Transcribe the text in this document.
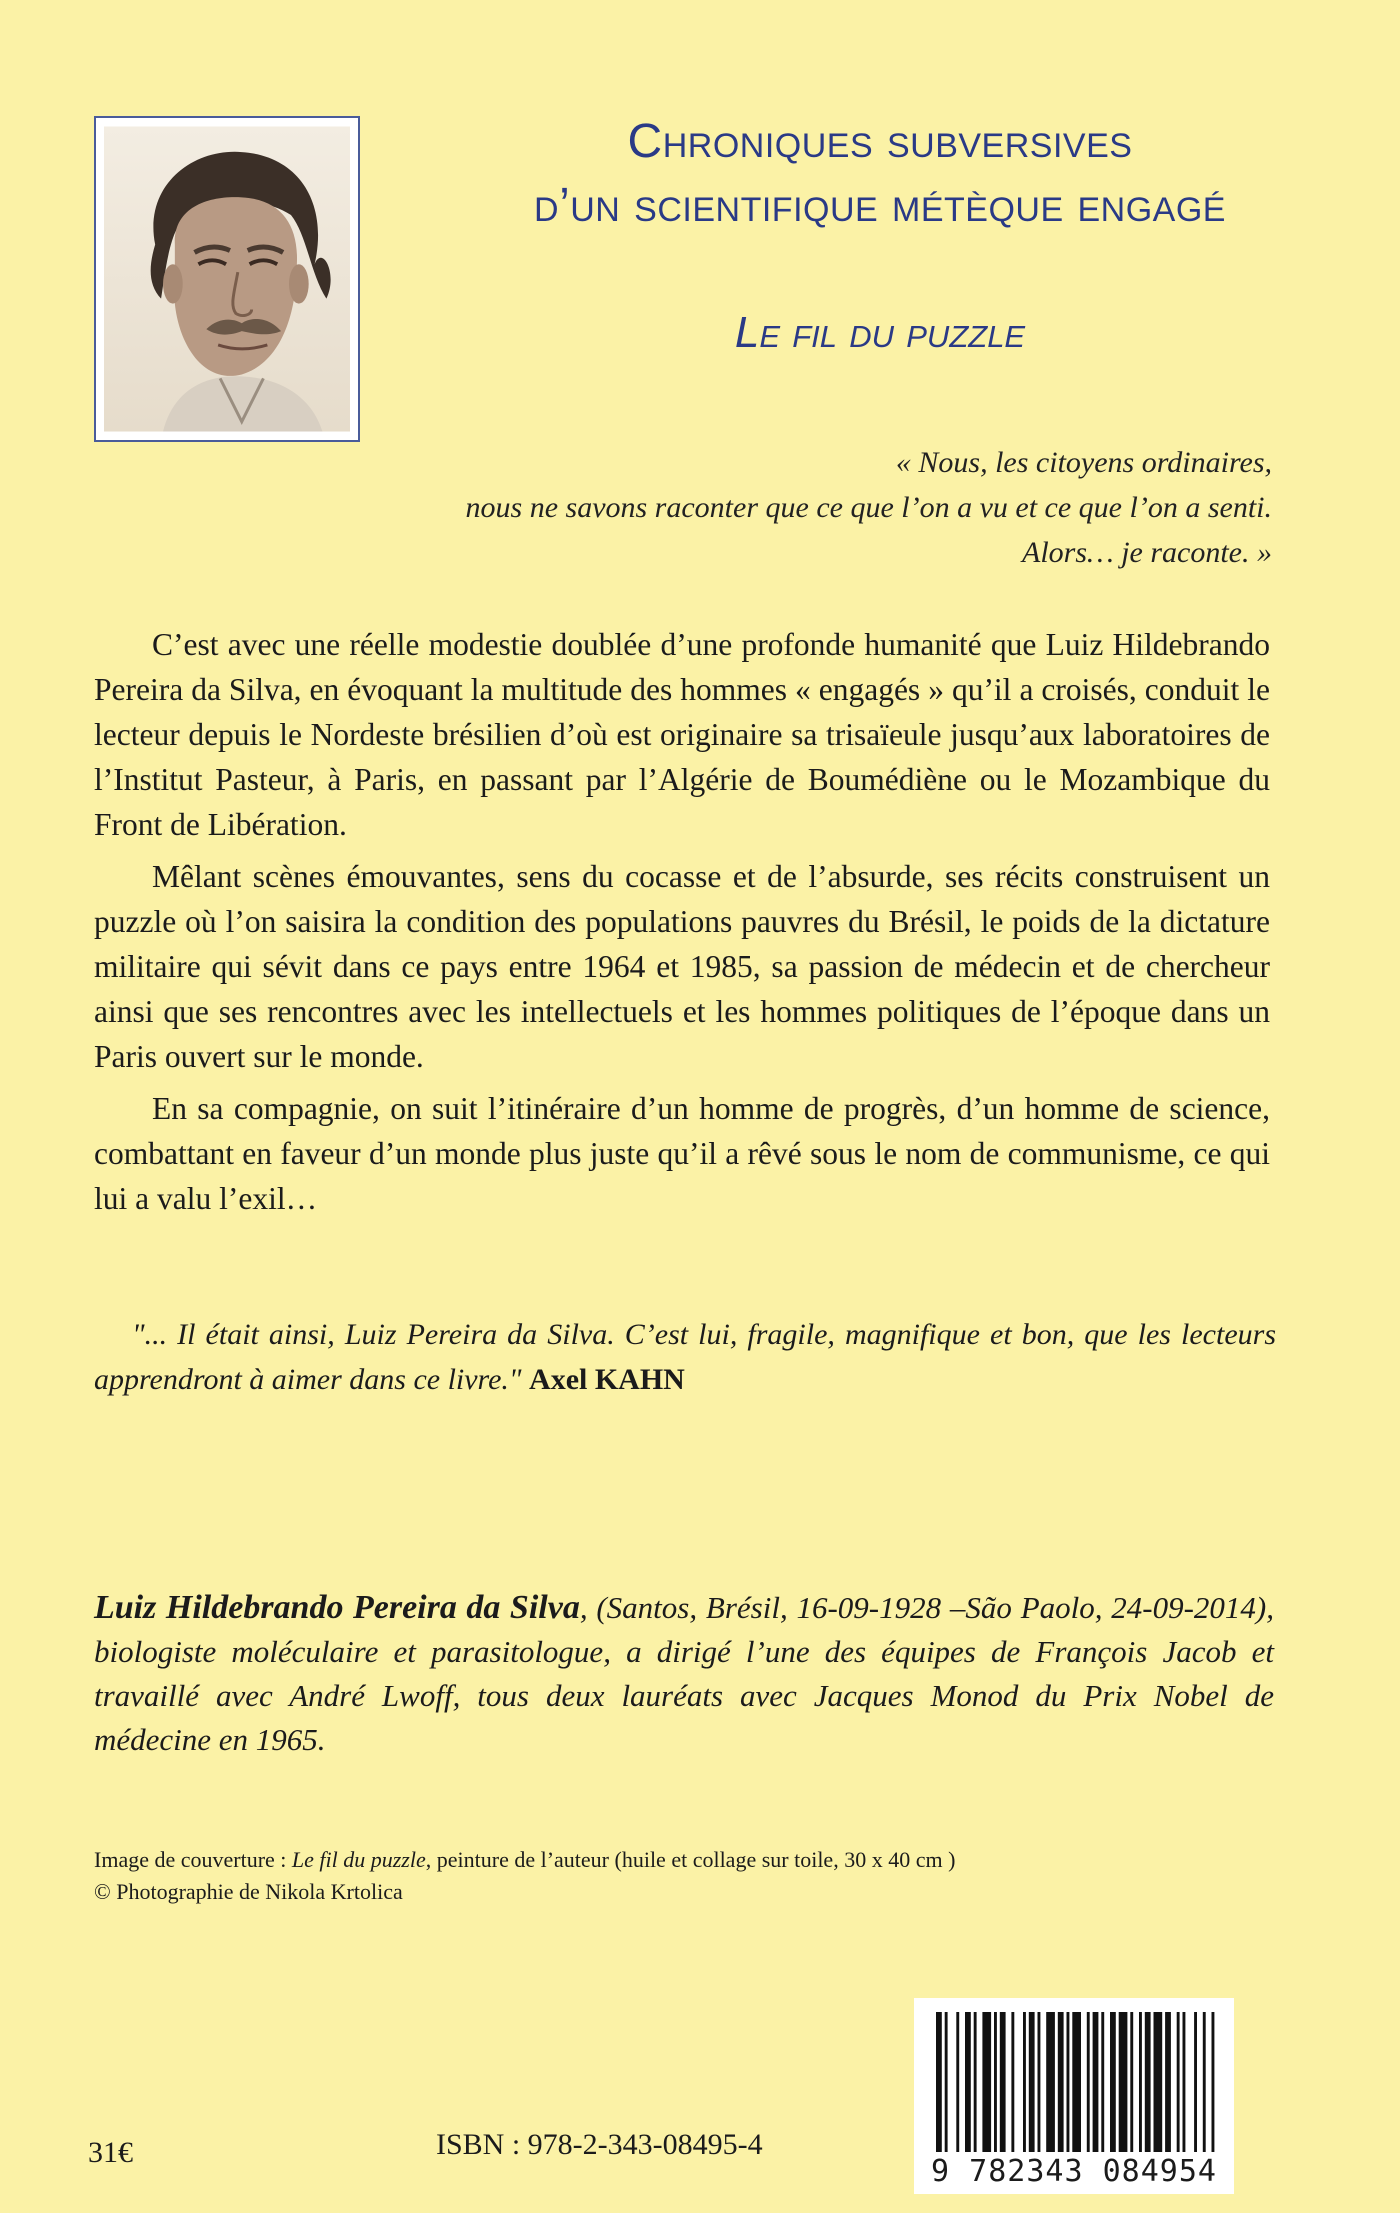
Chroniques subversives
d’un scientifique métèque engagé
Le fil du puzzle
« Nous, les citoyens ordinaires,
nous ne savons raconter que ce que l’on a vu et ce que l’on a senti.
Alors… je raconte. »

C’est avec une réelle modestie doublée d’une profonde humanité que Luiz Hildebrando Pereira da Silva, en évoquant la multitude des hommes « engagés » qu’il a croisés, conduit le lecteur depuis le Nordeste brésilien d’où est originaire sa trisaïeule jusqu’aux laboratoires de l’Institut Pasteur, à Paris, en passant par l’Algérie de Boumédiène ou le Mozambique du Front de Libération.

Mêlant scènes émouvantes, sens du cocasse et de l’absurde, ses récits construisent un puzzle où l’on saisira la condition des populations pauvres du Brésil, le poids de la dictature militaire qui sévit dans ce pays entre 1964 et 1985, sa passion de médecin et de chercheur ainsi que ses rencontres avec les intellectuels et les hommes politiques de l’époque dans un Paris ouvert sur le monde.

En sa compagnie, on suit l’itinéraire d’un homme de progrès, d’un homme de science, combattant en faveur d’un monde plus juste qu’il a rêvé sous le nom de communisme, ce qui lui a valu l’exil…

"... Il était ainsi, Luiz Pereira da Silva. C’est lui, fragile, magnifique et bon, que les lecteurs apprendront à aimer dans ce livre." Axel KAHN
Luiz Hildebrando Pereira da Silva, (Santos, Brésil, 16-09-1928 –São Paolo, 24-09-2014), biologiste moléculaire et parasitologue, a dirigé l’une des équipes de François Jacob et travaillé avec André Lwoff, tous deux lauréats avec Jacques Monod du Prix Nobel de médecine en 1965.
Image de couverture : Le fil du puzzle, peinture de l’auteur (huile et collage sur toile, 30 x 40 cm )
© Photographie de Nikola Krtolica
9 782343 084954
ISBN : 978-2-343-08495-4
31€
